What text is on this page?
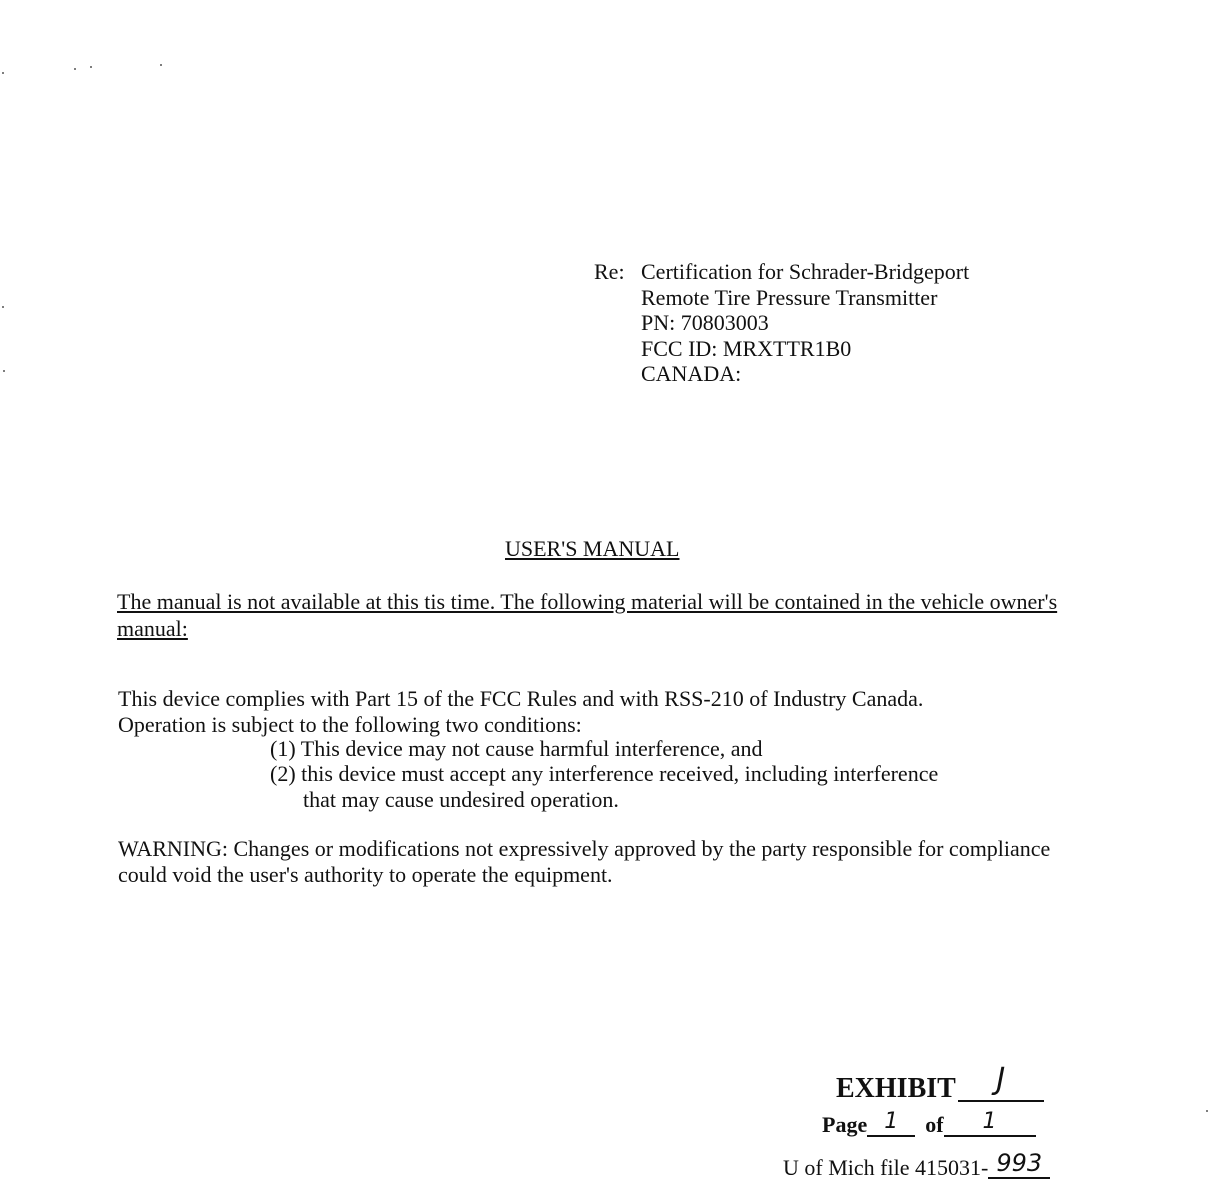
Re: Certification for Schrader-Bridgeport
Remote Tire Pressure Transmitter
PN: 70803003
FCC ID: MRXTTR1B0
CANADA:
USER'S MANUAL
The manual is not available at this tis time. The following material will be contained in the vehicle owner's manual:
This device complies with Part 15 of the FCC Rules and with RSS-210 of Industry Canada.
Operation is subject to the following two conditions:
(1) This device may not cause harmful interference, and
(2) this device must accept any interference received, including interference
that may cause undesired operation.
WARNING: Changes or modifications not expressively approved by the party responsible for compliance could void the user's authority to operate the equipment.
EXHIBIT J
Page 1 of 1
U of Mich file 415031- 993
